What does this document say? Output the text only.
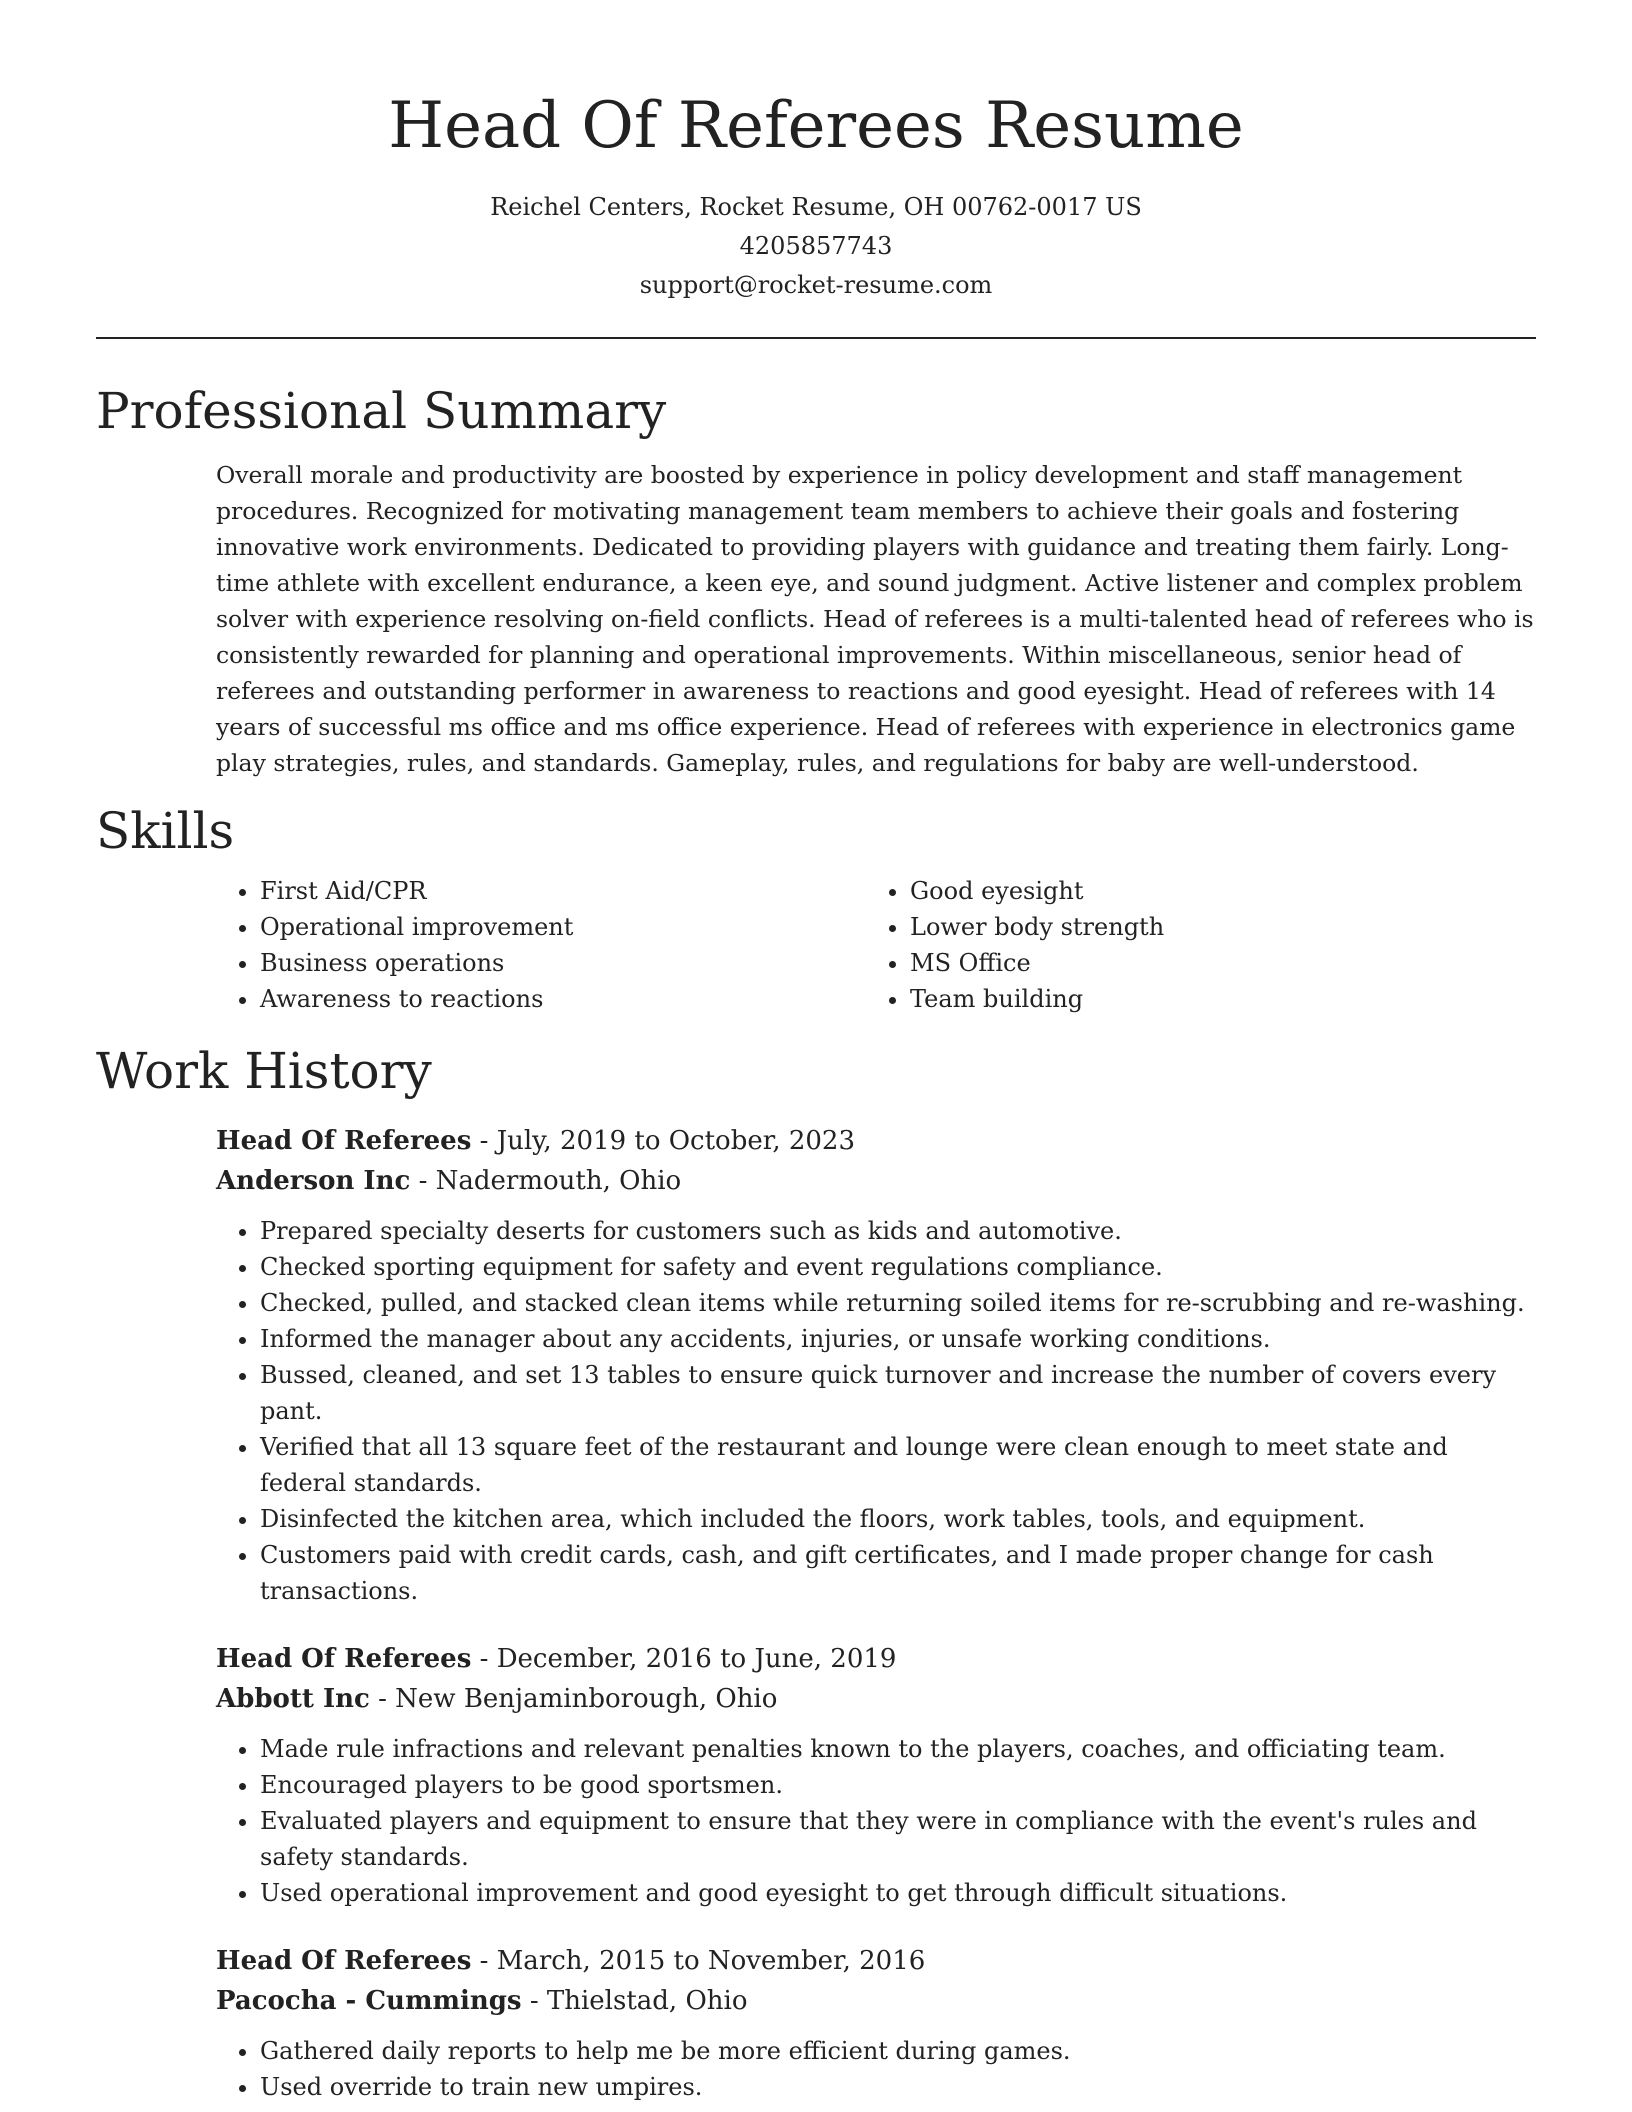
Head Of Referees Resume

Reichel Centers, Rocket Resume, OH 00762-0017 US

4205857743

support@rocket-resume.com

Professional Summary

Overall morale and productivity are boosted by experience in policy development and staff management procedures. Recognized for motivating management team members to achieve their goals and fostering innovative work environments. Dedicated to providing players with guidance and treating them fairly. Long-time athlete with excellent endurance, a keen eye, and sound judgment. Active listener and complex problem solver with experience resolving on-field conflicts. Head of referees is a multi-talented head of referees who is consistently rewarded for planning and operational improvements. Within miscellaneous, senior head of referees and outstanding performer in awareness to reactions and good eyesight. Head of referees with 14 years of successful ms office and ms office experience. Head of referees with experience in electronics game play strategies, rules, and standards. Gameplay, rules, and regulations for baby are well-understood.

Skills
• First Aid/CPR
• Operational improvement
• Business operations
• Awareness to reactions
• Good eyesight
• Lower body strength
• MS Office
• Team building
Work History

Head Of Referees - July, 2019 to October, 2023

Anderson Inc - Nadermouth, Ohio

• Prepared specialty deserts for customers such as kids and automotive.
• Checked sporting equipment for safety and event regulations compliance.
• Checked, pulled, and stacked clean items while returning soiled items for re-scrubbing and re-washing.
• Informed the manager about any accidents, injuries, or unsafe working conditions.
• Bussed, cleaned, and set 13 tables to ensure quick turnover and increase the number of covers every pant.
• Verified that all 13 square feet of the restaurant and lounge were clean enough to meet state and federal standards.
• Disinfected the kitchen area, which included the floors, work tables, tools, and equipment.
• Customers paid with credit cards, cash, and gift certificates, and I made proper change for cash transactions.

Head Of Referees - December, 2016 to June, 2019

Abbott Inc - New Benjaminborough, Ohio

• Made rule infractions and relevant penalties known to the players, coaches, and officiating team.
• Encouraged players to be good sportsmen.
• Evaluated players and equipment to ensure that they were in compliance with the event's rules and safety standards.
• Used operational improvement and good eyesight to get through difficult situations.

Head Of Referees - March, 2015 to November, 2016

Pacocha - Cummings - Thielstad, Ohio

• Gathered daily reports to help me be more efficient during games.
• Used override to train new umpires.
